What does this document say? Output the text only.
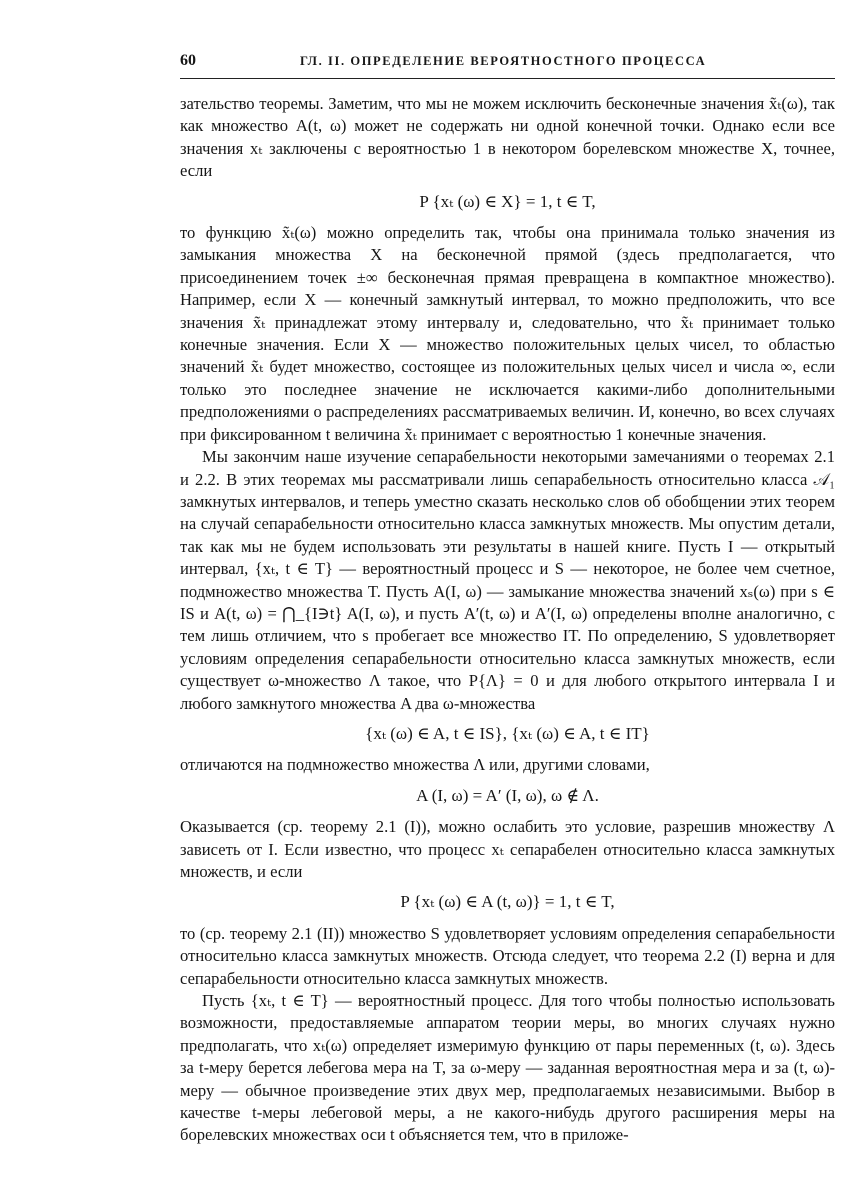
60	ГЛ. II. ОПРЕДЕЛЕНИЕ ВЕРОЯТНОСТНОГО ПРОЦЕССА

зательство теоремы. Заметим, что мы не можем исключить бесконечные значения x̃ₜ(ω), так как множество A(t, ω) может не содержать ни одной конечной точки. Однако если все значения xₜ заключены с вероятностью 1 в некотором борелевском множестве X, точнее, если

P {xₜ (ω) ∈ X} = 1, t ∈ T,

то функцию x̃ₜ(ω) можно определить так, чтобы она принимала только значения из замыкания множества X на бесконечной прямой (здесь предполагается, что присоединением точек ±∞ бесконечная прямая превращена в компактное множество). Например, если X — конечный замкнутый интервал, то можно предположить, что все значения x̃ₜ принадлежат этому интервалу и, следовательно, что x̃ₜ принимает только конечные значения. Если X — множество положительных целых чисел, то областью значений x̃ₜ будет множество, состоящее из положительных целых чисел и числа ∞, если только это последнее значение не исключается какими-либо дополнительными предположениями о распределениях рассматриваемых величин. И, конечно, во всех случаях при фиксированном t величина x̃ₜ принимает с вероятностью 1 конечные значения.

Мы закончим наше изучение сепарабельности некоторыми замечаниями о теоремах 2.1 и 2.2. В этих теоремах мы рассматривали лишь сепарабельность относительно класса 𝒜₁ замкнутых интервалов, и теперь уместно сказать несколько слов об обобщении этих теорем на случай сепарабельности относительно класса замкнутых множеств. Мы опустим детали, так как мы не будем использовать эти результаты в нашей книге. Пусть I — открытый интервал, {xₜ, t ∈ T} — вероятностный процесс и S — некоторое, не более чем счетное, подмножество множества T. Пусть A(I, ω) — замыкание множества значений xₛ(ω) при s ∈ IS и A(t, ω) = ⋂_{I∋t} A(I, ω), и пусть A′(t, ω) и A′(I, ω) определены вполне аналогично, с тем лишь отличием, что s пробегает все множество IT. По определению, S удовлетворяет условиям определения сепарабельности относительно класса замкнутых множеств, если существует ω-множество Λ такое, что P{Λ} = 0 и для любого открытого интервала I и любого замкнутого множества A два ω-множества

{xₜ (ω) ∈ A, t ∈ IS}, {xₜ (ω) ∈ A, t ∈ IT}

отличаются на подмножество множества Λ или, другими словами,

A (I, ω) = A′ (I, ω), ω ∉ Λ.

Оказывается (ср. теорему 2.1 (I)), можно ослабить это условие, разрешив множеству Λ зависеть от I. Если известно, что процесс xₜ сепарабелен относительно класса замкнутых множеств, и если

P {xₜ (ω) ∈ A (t, ω)} = 1, t ∈ T,

то (ср. теорему 2.1 (II)) множество S удовлетворяет условиям определения сепарабельности относительно класса замкнутых множеств. Отсюда следует, что теорема 2.2 (I) верна и для сепарабельности относительно класса замкнутых множеств.

Пусть {xₜ, t ∈ T} — вероятностный процесс. Для того чтобы полностью использовать возможности, предоставляемые аппаратом теории меры, во многих случаях нужно предполагать, что xₜ(ω) определяет измеримую функцию от пары переменных (t, ω). Здесь за t-меру берется лебегова мера на T, за ω-меру — заданная вероятностная мера и за (t, ω)-меру — обычное произведение этих двух мер, предполагаемых независимыми. Выбор в качестве t-меры лебеговой меры, а не какого-нибудь другого расширения меры на борелевских множествах оси t объясняется тем, что в приложе-
